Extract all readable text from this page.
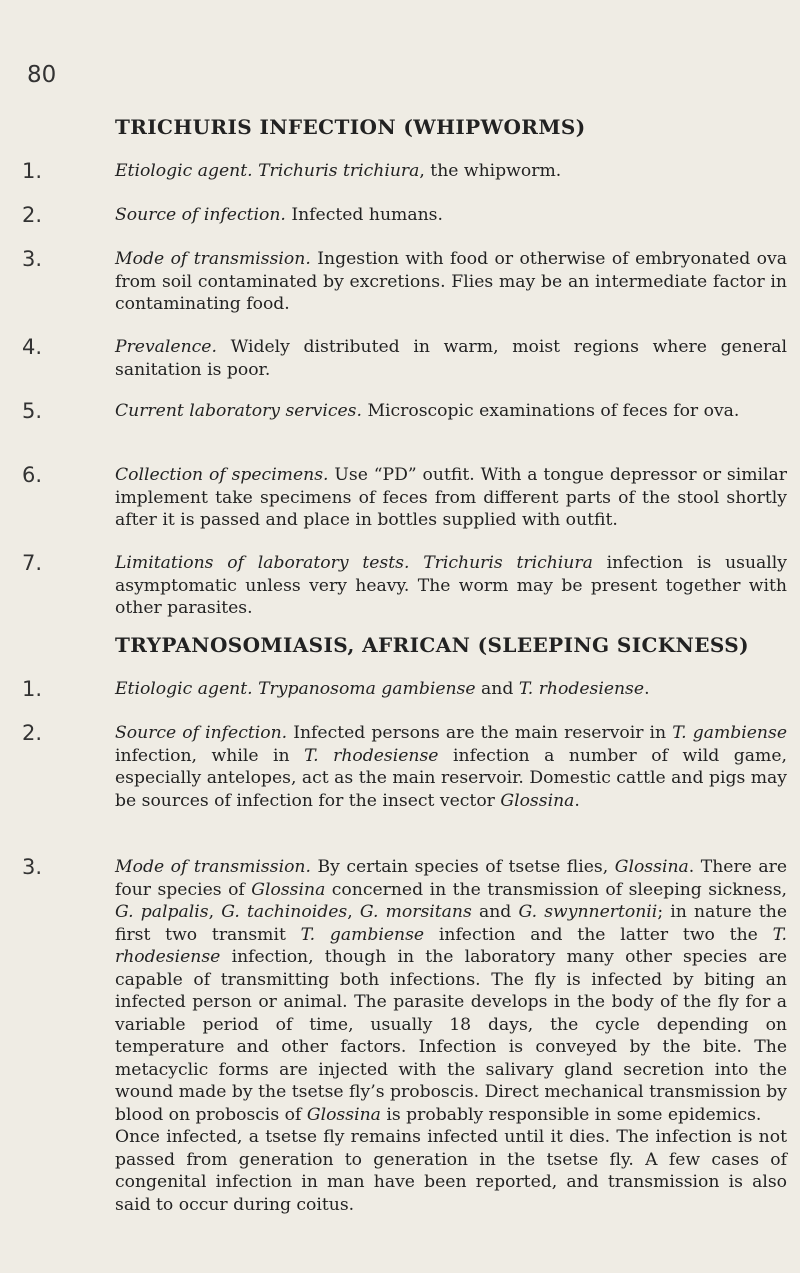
80
TRICHURIS INFECTION (WHIPWORMS)
1.	Etiologic agent. Trichuris trichiura, the whipworm.
2.	Source of infection. Infected humans.
3.	Mode of transmission. Ingestion with food or otherwise of embryonated ova from soil contaminated by excretions. Flies may be an intermediate factor in contaminating food.
4.	Prevalence. Widely distributed in warm, moist regions where general sanitation is poor.
5.	Current laboratory services. Microscopic examinations of feces for ova.
6.	Collection of specimens. Use “PD” outfit. With a tongue depressor or similar implement take specimens of feces from different parts of the stool shortly after it is passed and place in bottles supplied with outfit.
7.	Limitations of laboratory tests. Trichuris trichiura infection is usually asymptomatic unless very heavy. The worm may be present together with other parasites.
TRYPANOSOMIASIS, AFRICAN (SLEEPING SICKNESS)
1.	Etiologic agent. Trypanosoma gambiense and T. rhodesiense.
2.	Source of infection. Infected persons are the main reservoir in T. gambiense infection, while in T. rhodesiense infection a number of wild game, especially antelopes, act as the main reservoir. Domestic cattle and pigs may be sources of infection for the insect vector Glossina.
3.	Mode of transmission. By certain species of tsetse flies, Glossina. There are four species of Glossina concerned in the transmission of sleeping sickness, G. palpalis, G. tachinoides, G. morsitans and G. swynnertonii; in nature the first two transmit T. gambiense infection and the latter two the T. rhodesiense infection, though in the laboratory many other species are capable of transmitting both infections. The fly is infected by biting an infected person or animal. The parasite develops in the body of the fly for a variable period of time, usually 18 days, the cycle depending on temperature and other factors. Infection is conveyed by the bite. The metacyclic forms are injected with the salivary gland secretion into the wound made by the tsetse fly’s proboscis. Direct mechanical transmission by blood on proboscis of Glossina is probably responsible in some epidemics.
Once infected, a tsetse fly remains infected until it dies. The infection is not passed from generation to generation in the tsetse fly. A few cases of congenital infection in man have been reported, and transmission is also said to occur during coitus.
